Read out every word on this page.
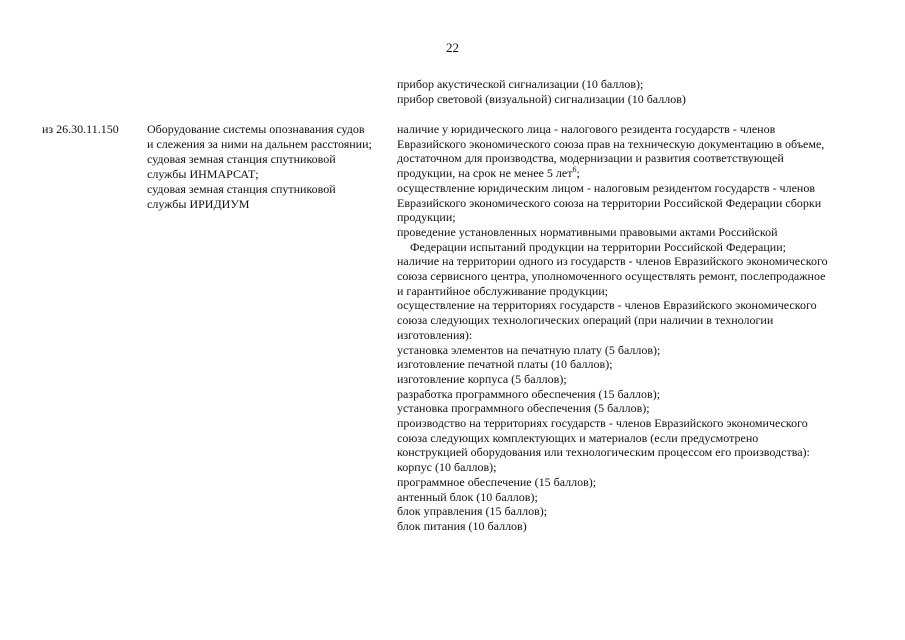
22
прибор акустической сигнализации (10 баллов);
прибор световой (визуальной) сигнализации (10 баллов)
из 26.30.11.150 Оборудование системы опознавания судов
и слежения за ними на дальнем расстоянии;
судовая земная станция спутниковой
службы ИНМАРСАТ;
судовая земная станция спутниковой
службы ИРИДИУМ
наличие у юридического лица - налогового резидента государств - членов
Евразийского экономического союза прав на техническую документацию в объеме,
достаточном для производства, модернизации и развития соответствующей
продукции, на срок не менее 5 лет$^6$;
осуществление юридическим лицом - налоговым резидентом государств - членов
Евразийского экономического союза на территории Российской Федерации сборки
продукции;
проведение установленных нормативными правовыми актами Российской
Федерации испытаний продукции на территории Российской Федерации;
наличие на территории одного из государств - членов Евразийского экономического
союза сервисного центра, уполномоченного осуществлять ремонт, послепродажное
и гарантийное обслуживание продукции;
осуществление на территориях государств - членов Евразийского экономического
союза следующих технологических операций (при наличии в технологии
изготовления):
установка элементов на печатную плату (5 баллов);
изготовление печатной платы (10 баллов);
изготовление корпуса (5 баллов);
разработка программного обеспечения (15 баллов);
установка программного обеспечения (5 баллов);
производство на территориях государств - членов Евразийского экономического
союза следующих комплектующих и материалов (если предусмотрено
конструкцией оборудования или технологическим процессом его производства):
корпус (10 баллов);
программное обеспечение (15 баллов);
антенный блок (10 баллов);
блок управления (15 баллов);
блок питания (10 баллов)
